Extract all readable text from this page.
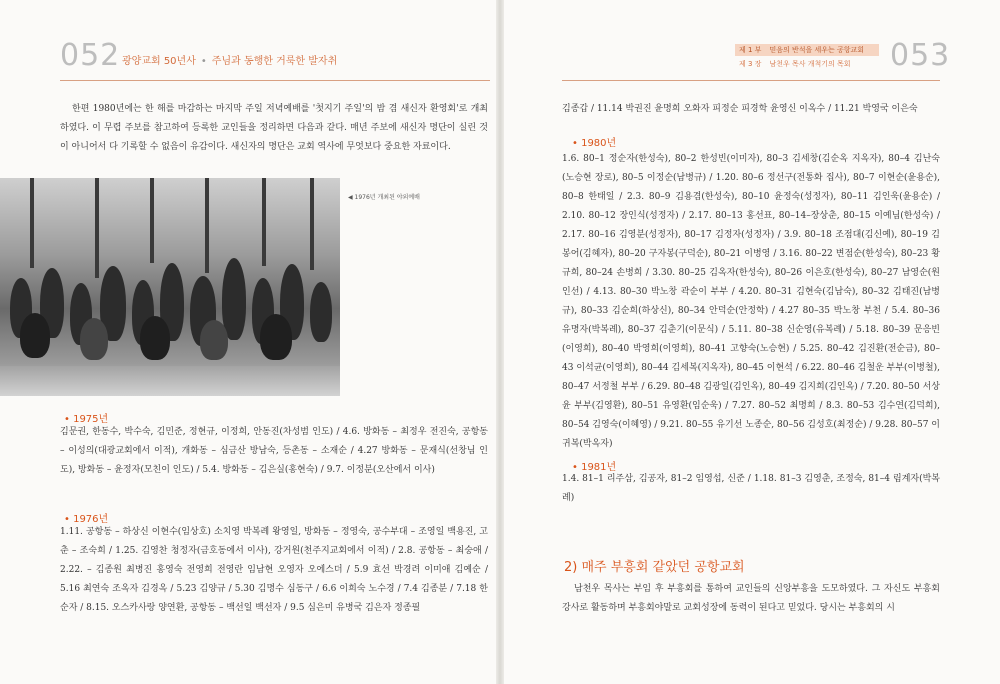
052 광양교회 50년사 • 주님과 동행한 거룩한 발자취
한편 1980년에는 한 해를 마감하는 마지막 주일 저녁예배를 '첫지기 주일'의 밤 겸 새신자 환영회'로 개최하였다. 이 무렵 주보를 참고하여 등록한 교인들을 정리하면 다음과 같다. 매년 주보에 새신자 명단이 실린 것이 아니어서 다 기록할 수 없음이 유감이다. 새신자의 명단은 교회 역사에 무엇보다 중요한 자료이다.
◀ 1976년 개최된 야외예배
• 1975년
김문권, 한동수, 박수숙, 김민준, 정현규, 이정희, 안동진(차성범 인도) / 4.6. 방화동 – 최정우 전진숙, 공항동 – 이성의(대광교회에서 이적), 개화동 – 심금산 방남숙, 등촌동 – 소재순 / 4.27 방화동 – 문재식(선창님 인도), 방화동 – 윤정자(모친이 인도) / 5.4. 방화동 – 김은실(홍현숙) / 9.7. 이정분(오산에서 이사)
• 1976년
1.11. 공항동 – 하상신 이현수(임상호) 소치영 박복례 왕영일, 방화동 – 정영숙, 공수부대 – 조영일 백용진, 고춘 – 조숙희 / 1.25. 김영찬 청정자(금호동에서 이사), 강거원(천주지교회에서 이적) / 2.8. 공항동 – 최숭애 / 2.22. – 김종원 최병진 홍영숙 전영희 전영란 임남현 오영자 오에스더 / 5.9 효선 박경려 이미애 김예순 / 5.16 최연숙 조옥자 김경옥 / 5.23 김양규 / 5.30 김명수 심동구 / 6.6 이희숙 노수경 / 7.4 김종분 / 7.18 한순자 / 8.15. 오스카사랑 양연환, 공항동 – 백선일 백선자 / 9.5 심은미 유병국 김은자 정종필
제 1 부 믿음의 반석을 세우는 공항교회
제 3 장 남천우 목사 개척기의 목회	053
김종갑 / 11.14 박권진 윤명희 오화자 피정순 피경학 윤영신 이옥수 / 11.21 박영국 이은숙
• 1980년
1.6. 80–1 정순자(한성숙), 80–2 한성빈(이미자), 80–3 김세창(김순옥 지옥자), 80–4 김난숙(노승현 장로), 80–5 이정순(남병규) / 1.20. 80–6 정선구(전통화 집사), 80–7 이현순(윤용순), 80–8 한태일 / 2.3. 80–9 김용겸(한성숙), 80–10 윤정숙(성정자), 80–11 김인욱(윤용순) / 2.10. 80–12 장인식(성정자) / 2.17. 80–13 홍선표, 80–14–장상춘, 80–15 이예님(한성숙) / 2.17. 80–16 김영분(성정자), 80–17 김정자(성정자) / 3.9. 80–18 조점대(김신예), 80–19 김봉어(김혜자), 80–20 구자봉(구덕순), 80–21 이병영 / 3.16. 80–22 변점순(한성숙), 80–23 황규희, 80–24 손병희 / 3.30. 80–25 김옥자(한성숙), 80–26 이은호(한성숙), 80–27 남영순(원인선) / 4.13. 80–30 박노창 곽순이 부부 / 4.20. 80–31 김현숙(김남숙), 80–32 김태진(남병규), 80–33 김순희(하상신), 80–34 안덕순(안정학) / 4.27 80–35 박노창 부천 / 5.4. 80–36 유명자(박복례), 80–37 김춘기(이문식) / 5.11. 80–38 신순영(유복례) / 5.18. 80–39 문응빈(이영희), 80–40 박영희(이영희), 80–41 고향숙(노승현) / 5.25. 80–42 김진환(전순금), 80–43 이석균(이영희), 80–44 김세복(지옥자), 80–45 이현석 / 6.22. 80–46 김철운 부부(이병철), 80–47 서정철 부부 / 6.29. 80–48 김광일(김인옥), 80–49 김지희(김인옥) / 7.20. 80–50 서상윤 부부(김영환), 80–51 유영환(임순욱) / 7.27. 80–52 최명희 / 8.3. 80–53 김수연(김덕희), 80–54 김영숙(이혜영) / 9.21. 80–55 유기선 노종순, 80–56 김성호(최정순) / 9.28. 80–57 이귀복(박옥자)
• 1981년
1.4. 81–1 리주삼, 김공자, 81–2 임영섭, 신준 / 1.18. 81–3 김영춘, 조정숙, 81–4 림계자(박복례)
2) 매주 부흥회 같았던 공항교회
남천우 목사는 부임 후 부흥회를 통하여 교인들의 신앙부흥을 도모하였다. 그 자신도 부흥회 강사로 활동하며 부흥회야말로 교회성장에 동력이 된다고 믿었다. 당시는 부흥회의 시
